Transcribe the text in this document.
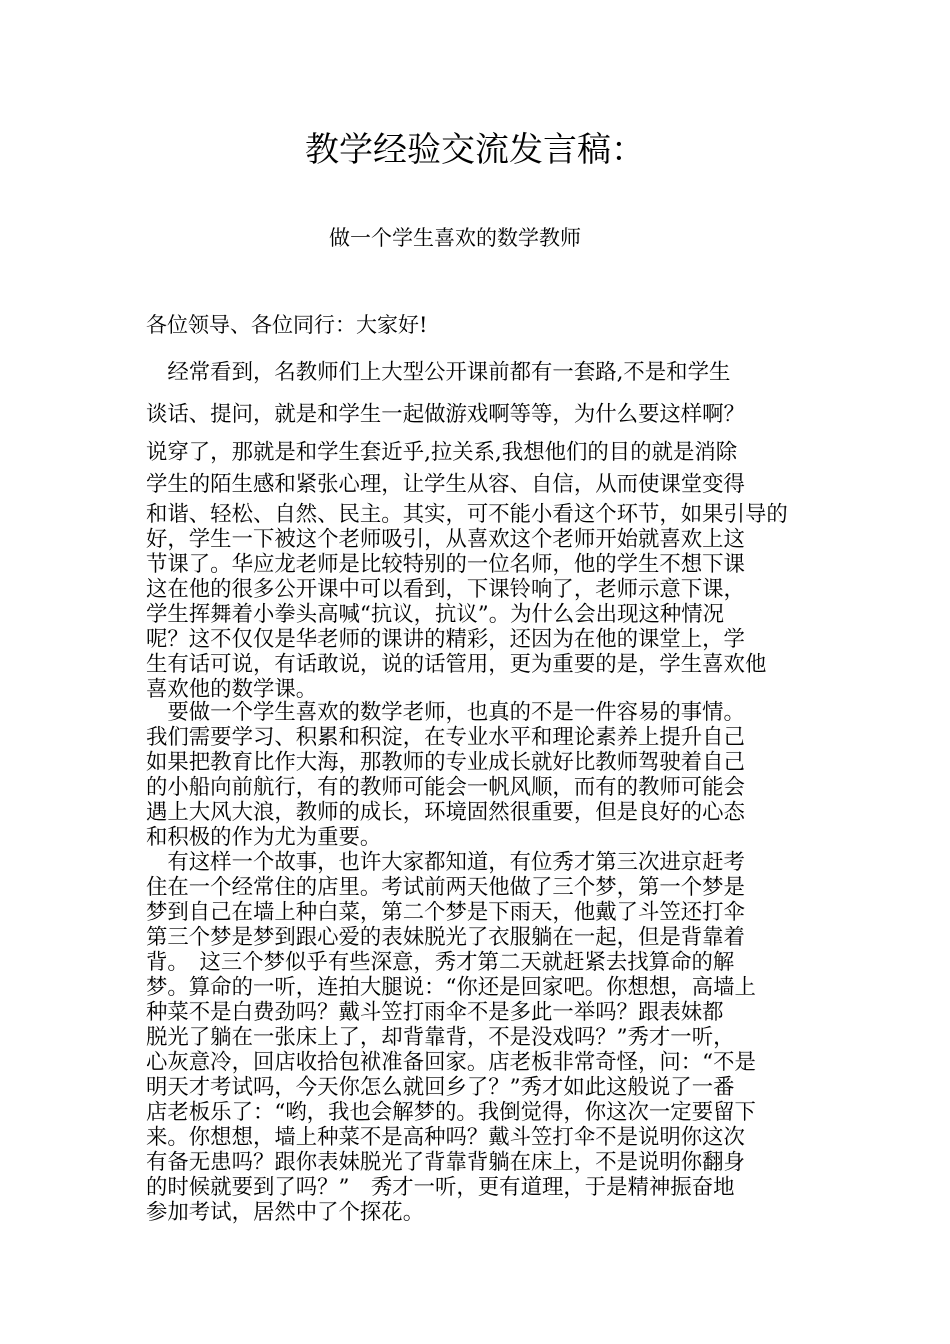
教学经验交流发言稿：

做一个学生喜欢的数学教师

各位领导、各位同行：大家好!

　经常看到，名教师们上大型公开课前都有一套路,不是和学生

谈话、提问，就是和学生一起做游戏啊等等，为什么要这样啊？

说穿了，那就是和学生套近乎,拉关系,我想他们的目的就是消除

学生的陌生感和紧张心理，让学生从容、自信，从而使课堂变得

和谐、轻松、自然、民主。其实，可不能小看这个环节，如果引导的

好，学生一下被这个老师吸引，从喜欢这个老师开始就喜欢上这

节课了。华应龙老师是比较特别的一位名师，他的学生不想下课

这在他的很多公开课中可以看到，下课铃响了，老师示意下课，

学生挥舞着小拳头高喊“抗议，抗议”。为什么会出现这种情况

呢？这不仅仅是华老师的课讲的精彩，还因为在他的课堂上，学

生有话可说，有话敢说，说的话管用，更为重要的是，学生喜欢他

喜欢他的数学课。

　要做一个学生喜欢的数学老师，也真的不是一件容易的事情。

我们需要学习、积累和积淀，在专业水平和理论素养上提升自己

如果把教育比作大海，那教师的专业成长就好比教师驾驶着自己

的小船向前航行，有的教师可能会一帆风顺，而有的教师可能会

遇上大风大浪，教师的成长，环境固然很重要，但是良好的心态

和积极的作为尤为重要。

　有这样一个故事，也许大家都知道，有位秀才第三次进京赶考

住在一个经常住的店里。考试前两天他做了三个梦，第一个梦是

梦到自己在墙上种白菜，第二个梦是下雨天，他戴了斗笠还打伞

第三个梦是梦到跟心爱的表妹脱光了衣服躺在一起，但是背靠着

背。　这三个梦似乎有些深意，秀才第二天就赶紧去找算命的解

梦。算命的一听，连拍大腿说：“你还是回家吧。你想想，高墙上

种菜不是白费劲吗？戴斗笠打雨伞不是多此一举吗？跟表妹都

脱光了躺在一张床上了，却背靠背，不是没戏吗？”秀才一听，

心灰意冷，回店收拾包袱准备回家。店老板非常奇怪，问：“不是

明天才考试吗，今天你怎么就回乡了？”秀才如此这般说了一番

店老板乐了：“哟，我也会解梦的。我倒觉得，你这次一定要留下

来。你想想，墙上种菜不是高种吗？戴斗笠打伞不是说明你这次

有备无患吗？跟你表妹脱光了背靠背躺在床上，不是说明你翻身

的时候就要到了吗？”　秀才一听，更有道理，于是精神振奋地

参加考试，居然中了个探花。
